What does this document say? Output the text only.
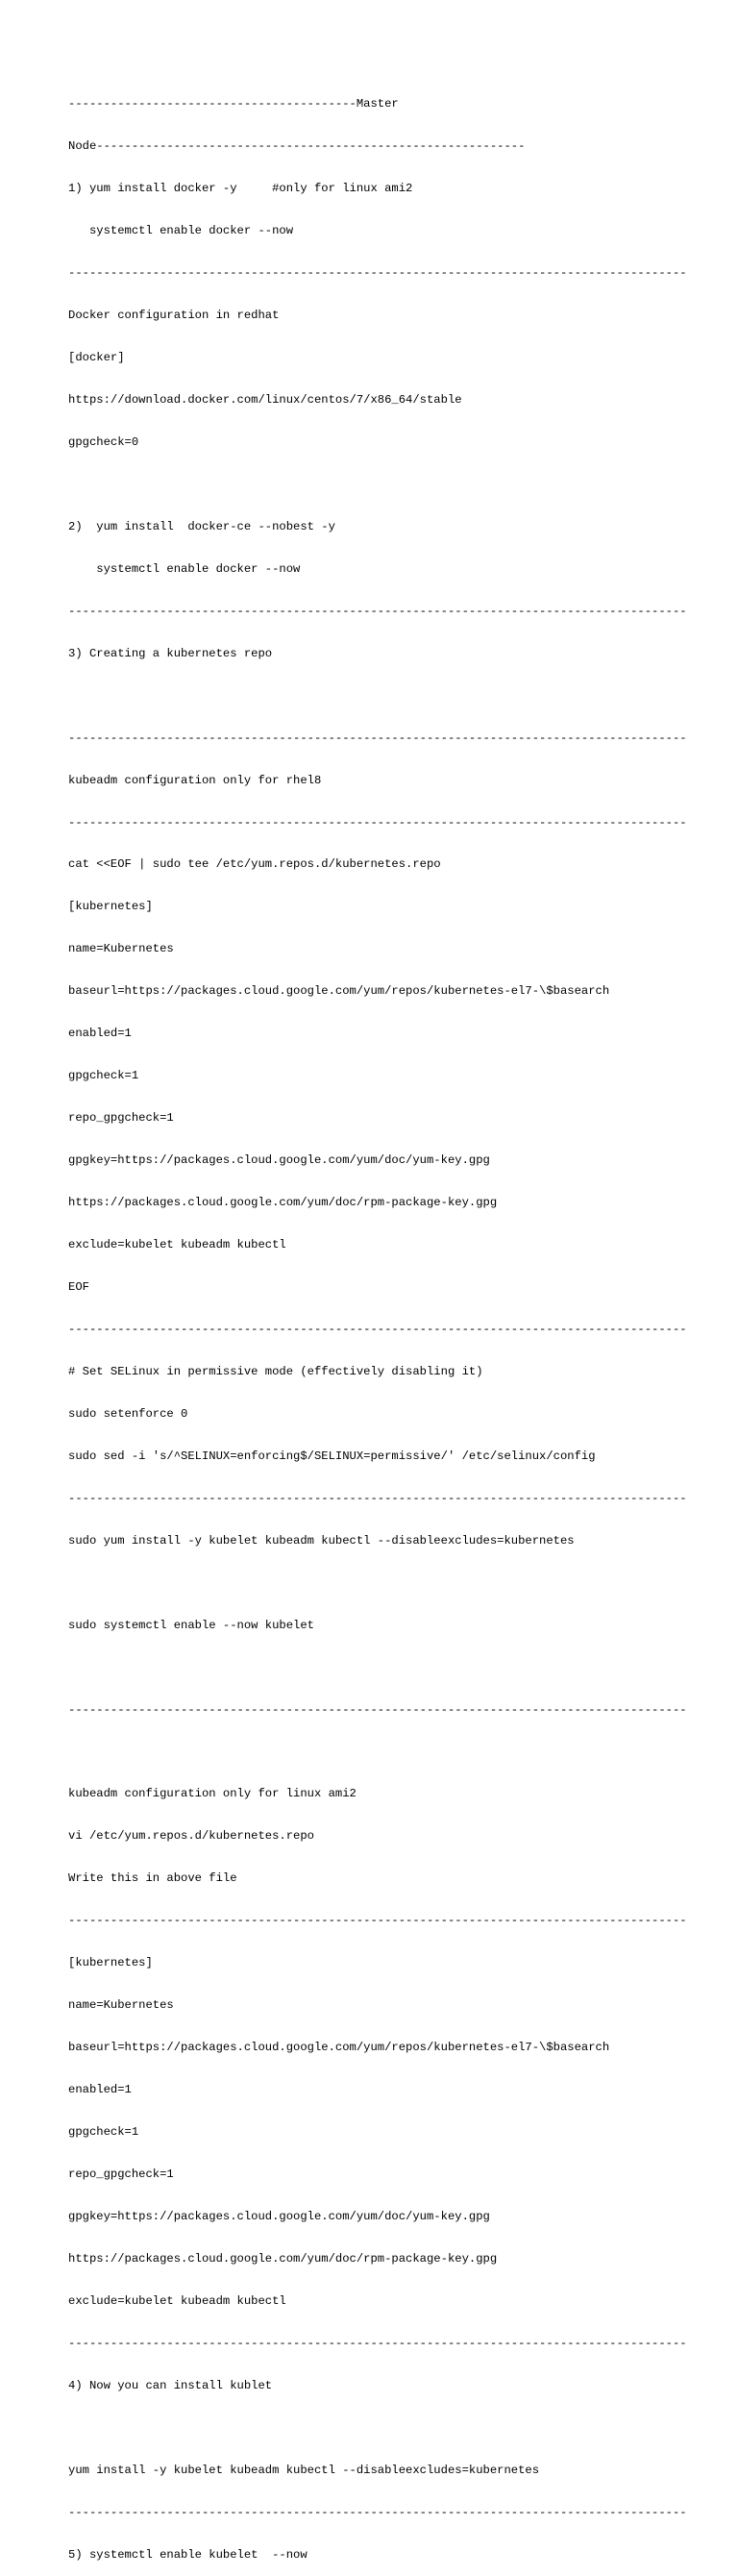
-----------------------------------------Master

Node-------------------------------------------------------------

1) yum install docker -y     #only for linux ami2

systemctl enable docker --now

----------------------------------------------------------------------------------------

Docker configuration in redhat

[docker]

https://download.docker.com/linux/centos/7/x86_64/stable

gpgcheck=0

2)  yum install  docker-ce --nobest -y

systemctl enable docker --now

----------------------------------------------------------------------------------------

3) Creating a kubernetes repo

----------------------------------------------------------------------------------------

kubeadm configuration only for rhel8

----------------------------------------------------------------------------------------

cat <<EOF | sudo tee /etc/yum.repos.d/kubernetes.repo

[kubernetes]

name=Kubernetes

baseurl=https://packages.cloud.google.com/yum/repos/kubernetes-el7-\$basearch

enabled=1

gpgcheck=1

repo_gpgcheck=1

gpgkey=https://packages.cloud.google.com/yum/doc/yum-key.gpg

https://packages.cloud.google.com/yum/doc/rpm-package-key.gpg

exclude=kubelet kubeadm kubectl

EOF

----------------------------------------------------------------------------------------

# Set SELinux in permissive mode (effectively disabling it)

sudo setenforce 0

sudo sed -i 's/^SELINUX=enforcing$/SELINUX=permissive/' /etc/selinux/config

----------------------------------------------------------------------------------------

sudo yum install -y kubelet kubeadm kubectl --disableexcludes=kubernetes

sudo systemctl enable --now kubelet

----------------------------------------------------------------------------------------

kubeadm configuration only for linux ami2

vi /etc/yum.repos.d/kubernetes.repo

Write this in above file

----------------------------------------------------------------------------------------

[kubernetes]

name=Kubernetes

baseurl=https://packages.cloud.google.com/yum/repos/kubernetes-el7-\$basearch

enabled=1

gpgcheck=1

repo_gpgcheck=1

gpgkey=https://packages.cloud.google.com/yum/doc/yum-key.gpg

https://packages.cloud.google.com/yum/doc/rpm-package-key.gpg

exclude=kubelet kubeadm kubectl

----------------------------------------------------------------------------------------

4) Now you can install kublet

yum install -y kubelet kubeadm kubectl --disableexcludes=kubernetes

----------------------------------------------------------------------------------------

5) systemctl enable kubelet  --now
